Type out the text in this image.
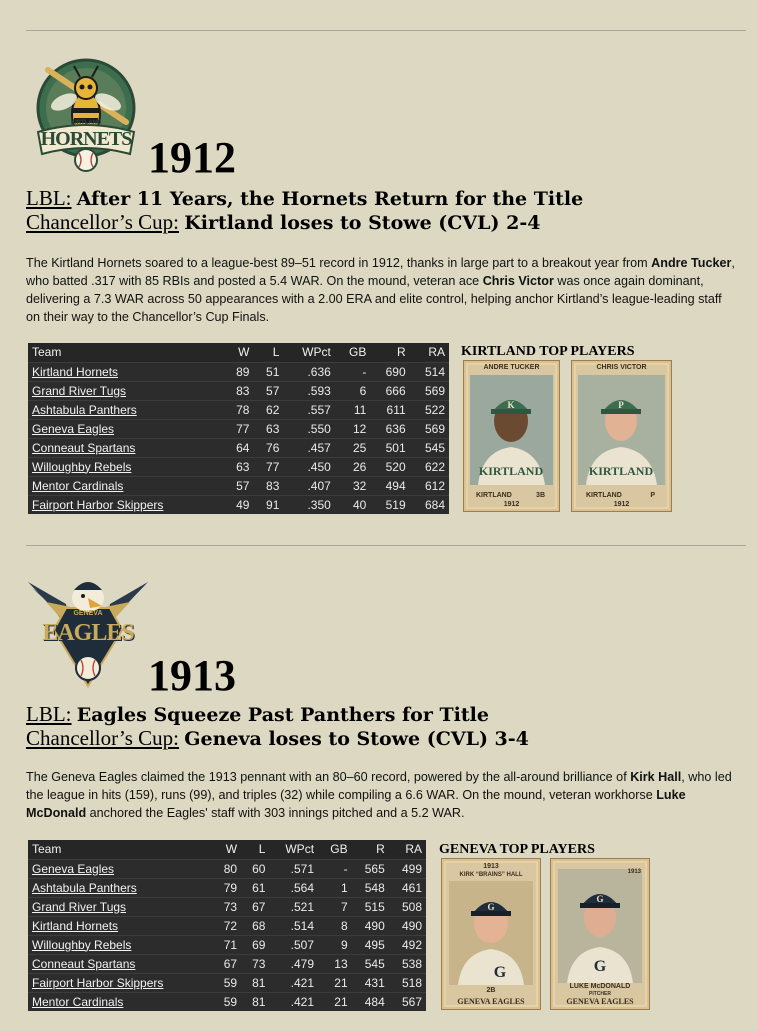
KIRTLAND
HORNETS 1912
LBL: After 11 Years, the Hornets Return for the Title
Chancellor’s Cup: Kirtland loses to Stowe (CVL) 2-4
The Kirtland Hornets soared to a league-best 89–51 record in 1912, thanks in large part to a breakout year from Andre Tucker, who batted .317 with 85 RBIs and posted a 5.4 WAR. On the mound, veteran ace Chris Victor was once again dominant, delivering a 7.3 WAR across 50 appearances with a 2.00 ERA and elite control, helping anchor Kirtland’s league-leading staff on their way to the Chancellor’s Cup Finals.
Team	W	L	WPct	GB	R	RA
Kirtland Hornets	89	51	.636	-	690	514
Grand River Tugs	83	57	.593	6	666	569
Ashtabula Panthers	78	62	.557	11	611	522
Geneva Eagles	77	63	.550	12	636	569
Conneaut Spartans	64	76	.457	25	501	545
Willoughby Rebels	63	77	.450	26	520	622
Mentor Cardinals	57	83	.407	32	494	612
Fairport Harbor Skippers	49	91	.350	40	519	684
KIRTLAND TOP PLAYERS
K
KIRTLAND
ANDRE TUCKER
KIRTLAND	3B
1912
P
KIRTLAND
CHRIS VICTOR
KIRTLAND	P
1912
GENEVA
EAGLES
1913
LBL: Eagles Squeeze Past Panthers for Title
Chancellor’s Cup: Geneva loses to Stowe (CVL) 3-4
The Geneva Eagles claimed the 1913 pennant with an 80–60 record, powered by the all-around brilliance of Kirk Hall, who led the league in hits (159), runs (99), and triples (32) while compiling a 6.6 WAR. On the mound, veteran workhorse Luke McDonald anchored the Eagles' staff with 303 innings pitched and a 5.2 WAR.
Team	W	L	WPct	GB	R	RA
Geneva Eagles	80	60	.571	-	565	499
Ashtabula Panthers	79	61	.564	1	548	461
Grand River Tugs	73	67	.521	7	515	508
Kirtland Hornets	72	68	.514	8	490	490
Willoughby Rebels	71	69	.507	9	495	492
Conneaut Spartans	67	73	.479	13	545	538
Fairport Harbor Skippers	59	81	.421	21	431	518
Mentor Cardinals	59	81	.421	21	484	567
GENEVA TOP PLAYERS
G
G
1913
KIRK “BRAINS” HALL
2B
GENEVA EAGLES
G
G
1913
LUKE McDONALD
PITCHER
GENEVA EAGLES
